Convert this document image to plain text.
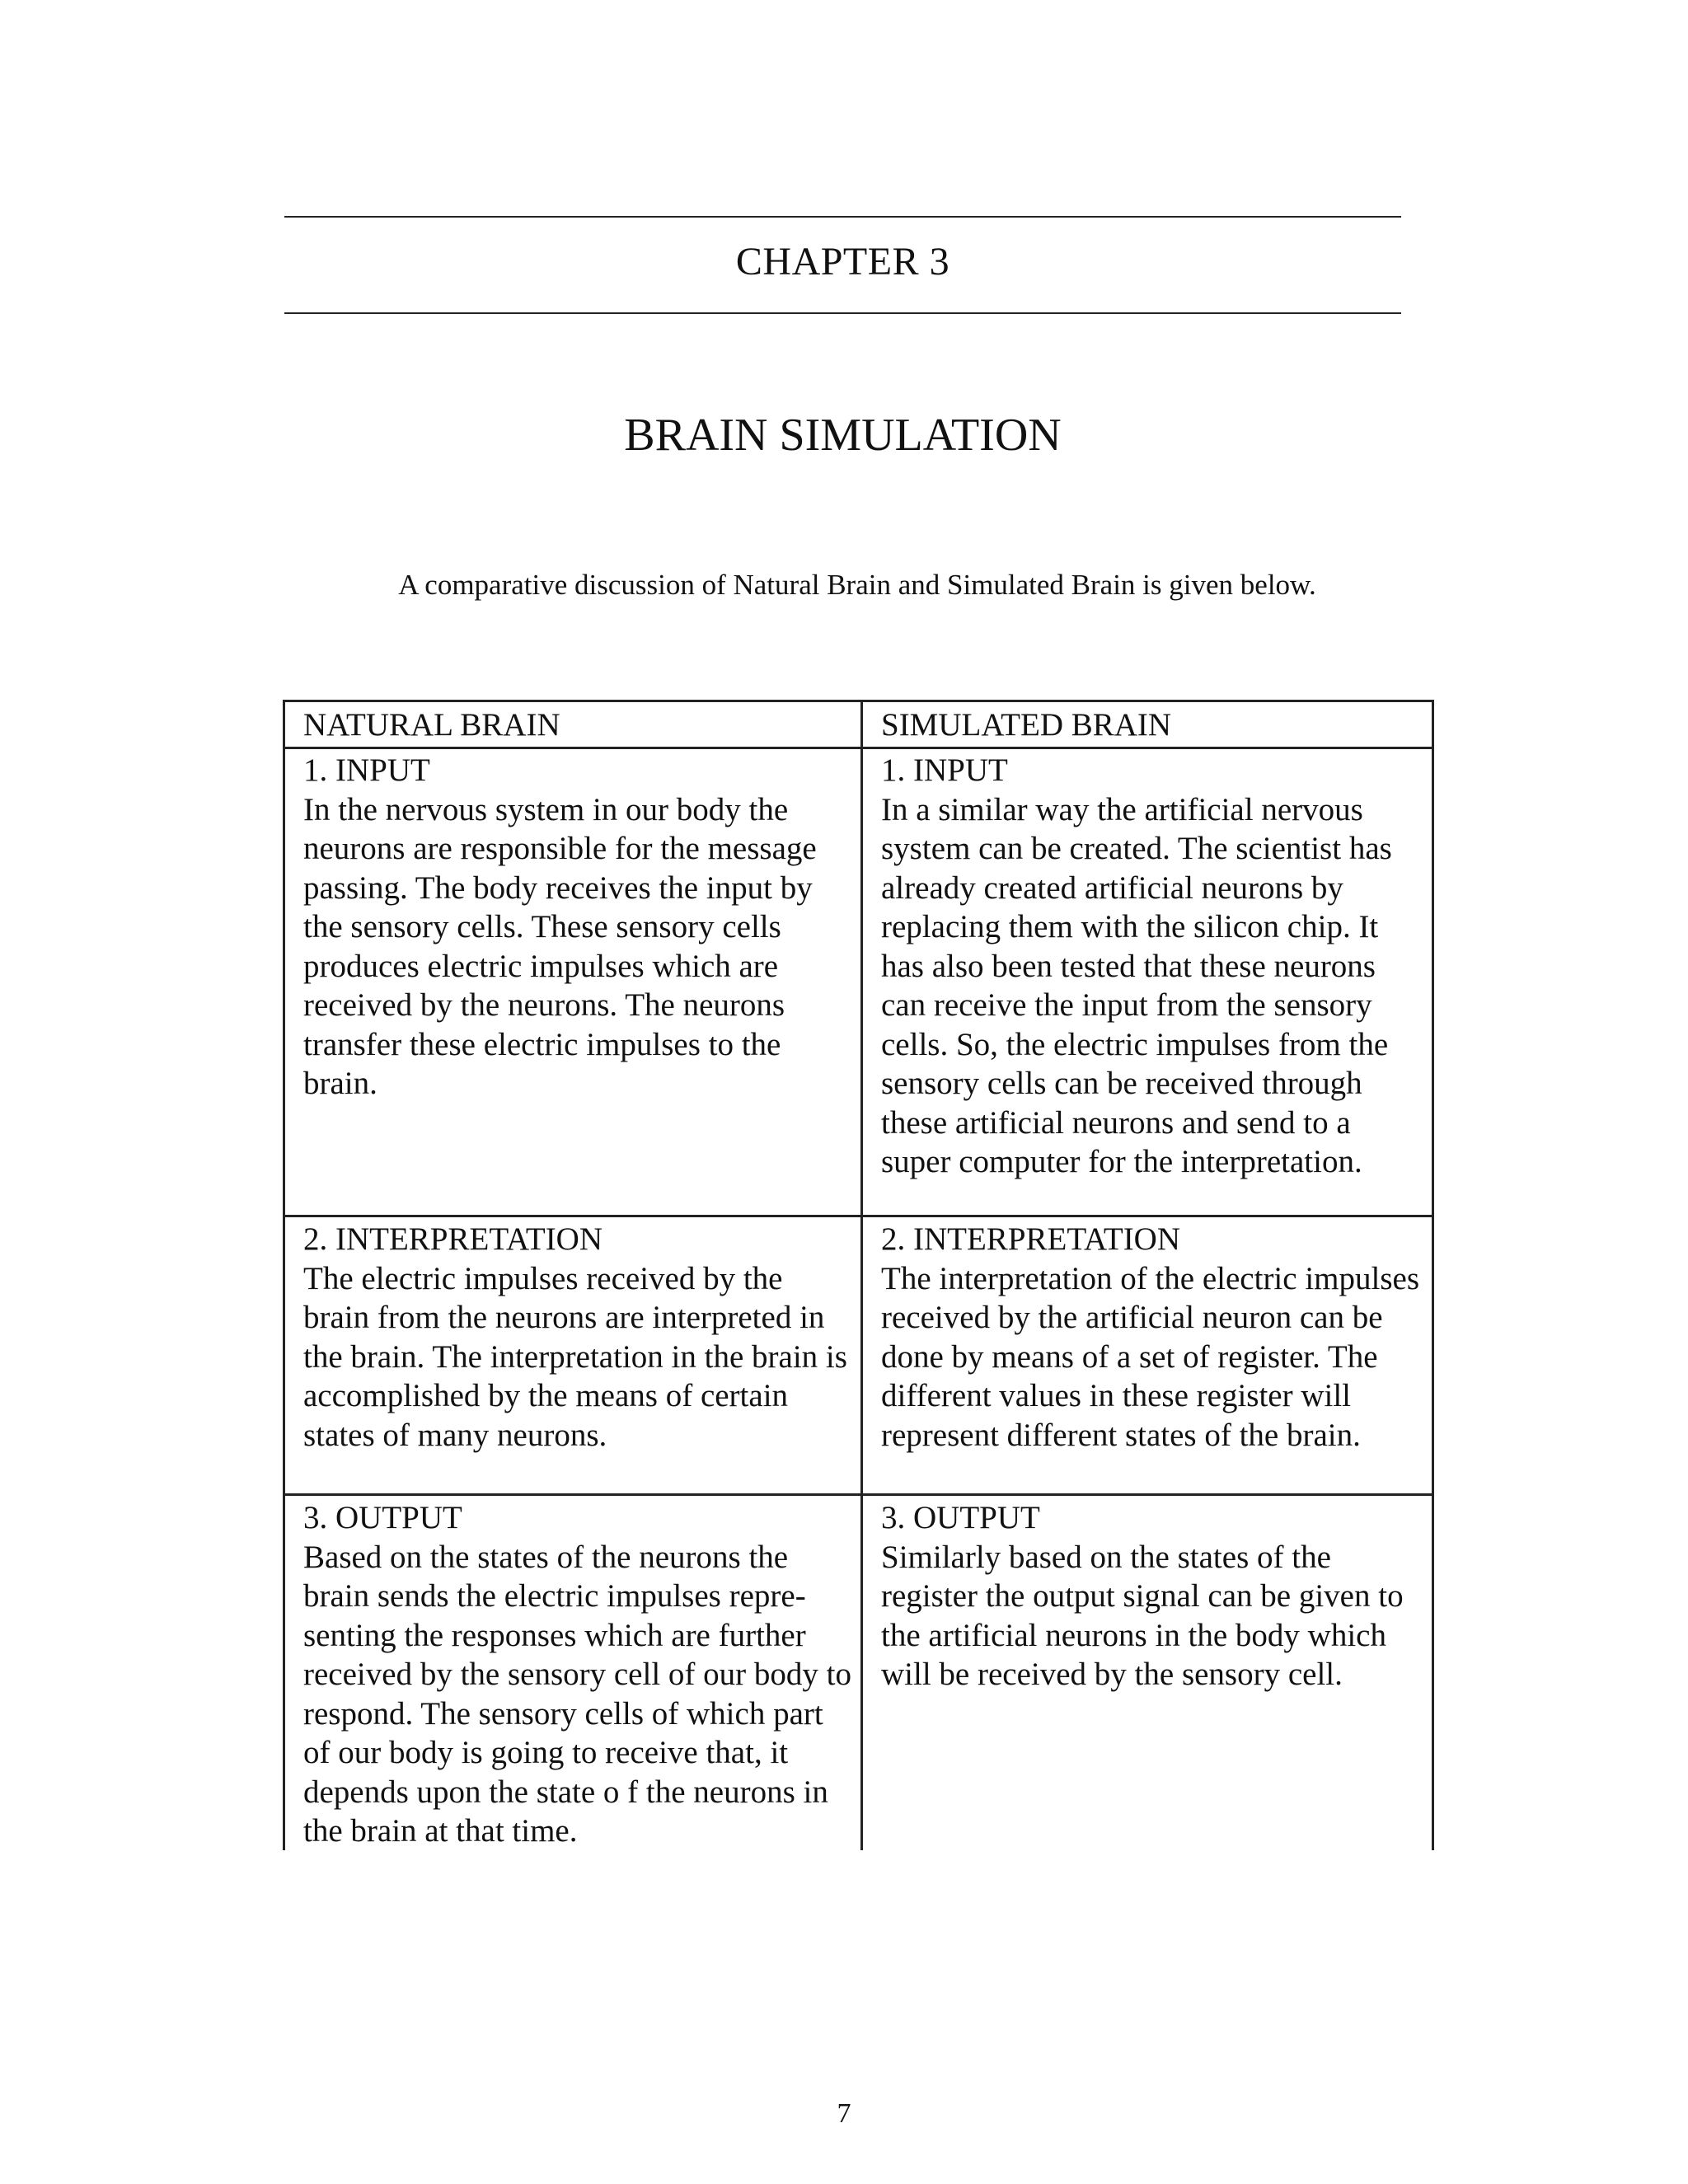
CHAPTER 3
BRAIN SIMULATION
A comparative discussion of Natural Brain and Simulated Brain is given below.
NATURAL BRAIN	SIMULATED BRAIN
1. INPUT
In the nervous system in our body the neurons are responsible for the message passing. The body receives the input by the sensory cells. These sensory cells produces electric impulses which are received by the neurons. The neurons transfer these electric impulses to the brain.
1. INPUT
In a similar way the artificial nervous system can be created. The scientist has already created artificial neurons by replacing them with the silicon chip. It has also been tested that these neurons can receive the input from the sensory cells. So, the electric impulses from the sensory cells can be received through these artificial neurons and send to a super computer for the interpretation.
2. INTERPRETATION
The electric impulses received by the brain from the neurons are interpreted in the brain. The interpretation in the brain is accomplished by the means of certain states of many neurons.
2. INTERPRETATION
The interpretation of the electric impulses received by the artificial neuron can be done by means of a set of register. The different values in these register will represent different states of the brain.
3. OUTPUT
Based on the states of the neurons the brain sends the electric impulses repre- senting the responses which are further received by the sensory cell of our body to respond. The sensory cells of which part of our body is going to receive that, it depends upon the state o f the neurons in the brain at that time.
3. OUTPUT
Similarly based on the states of the register the output signal can be given to the artificial neurons in the body which will be received by the sensory cell.
7
